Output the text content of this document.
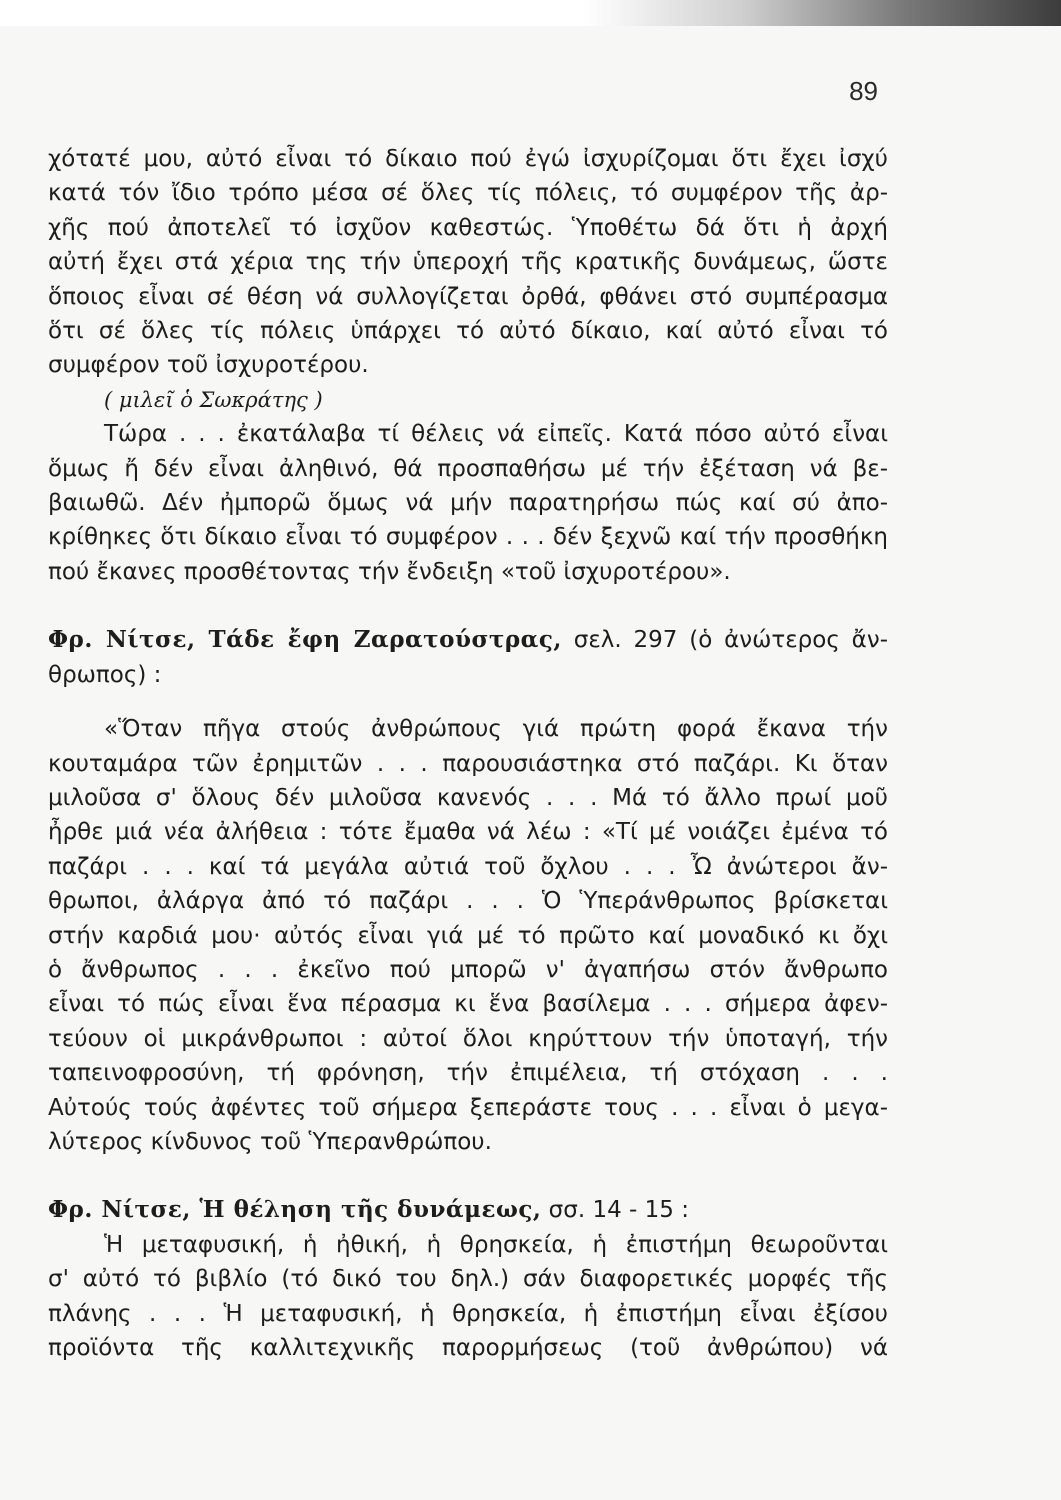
89
χότατέ μου, αὐτό εἶναι τό δίκαιο πού ἐγώ ἰσχυρίζομαι ὅτι ἔχει ἰσχύ
κατά τόν ἴδιο τρόπο μέσα σέ ὅλες τίς πόλεις, τό συμφέρον τῆς ἀρ-
χῆς πού ἀποτελεῖ τό ἰσχῦον καθεστώς. Ὑποθέτω δά ὅτι ἡ ἀρχή
αὐτή ἔχει στά χέρια της τήν ὑπεροχή τῆς κρατικῆς δυνάμεως, ὥστε
ὅποιος εἶναι σέ θέση νά συλλογίζεται ὀρθά, φθάνει στό συμπέρασμα
ὅτι σέ ὅλες τίς πόλεις ὑπάρχει τό αὐτό δίκαιο, καί αὐτό εἶναι τό
συμφέρον τοῦ ἰσχυροτέρου.
( μιλεῖ ὁ Σωκράτης )
Τώρα . . . ἐκατάλαβα τί θέλεις νά εἰπεῖς. Κατά πόσο αὐτό εἶναι
ὅμως ἤ δέν εἶναι ἀληθινό, θά προσπαθήσω μέ τήν ἐξέταση νά βε-
βαιωθῶ. Δέν ἠμπορῶ ὅμως νά μήν παρατηρήσω πώς καί σύ ἀπο-
κρίθηκες ὅτι δίκαιο εἶναι τό συμφέρον . . . δέν ξεχνῶ καί τήν προσθήκη
πού ἔκανες προσθέτοντας τήν ἔνδειξη «τοῦ ἰσχυροτέρου».
Φρ. Νίτσε, Τάδε ἔφη Ζαρατούστρας, σελ. 297 (ὁ ἀνώτερος ἄν-
θρωπος) :
«Ὅταν πῆγα στούς ἀνθρώπους γιά πρώτη φορά ἔκανα τήν
κουταμάρα τῶν ἐρημιτῶν . . . παρουσιάστηκα στό παζάρι. Κι ὅταν
μιλοῦσα σ' ὅλους δέν μιλοῦσα κανενός . . . Μά τό ἄλλο πρωί μοῦ
ἦρθε μιά νέα ἀλήθεια : τότε ἔμαθα νά λέω : «Τί μέ νοιάζει ἐμένα τό
παζάρι . . . καί τά μεγάλα αὐτιά τοῦ ὄχλου . . . Ὦ ἀνώτεροι ἄν-
θρωποι, ἀλάργα ἀπό τό παζάρι . . . Ὁ Ὑπεράνθρωπος βρίσκεται
στήν καρδιά μου· αὐτός εἶναι γιά μέ τό πρῶτο καί μοναδικό κι ὄχι
ὁ ἄνθρωπος . . . ἐκεῖνο πού μπορῶ ν' ἀγαπήσω στόν ἄνθρωπο
εἶναι τό πώς εἶναι ἕνα πέρασμα κι ἕνα βασίλεμα . . . σήμερα ἀφεν-
τεύουν οἱ μικράνθρωποι : αὐτοί ὅλοι κηρύττουν τήν ὑποταγή, τήν
ταπεινοφροσύνη, τή φρόνηση, τήν ἐπιμέλεια, τή στόχαση . . .
Αὐτούς τούς ἀφέντες τοῦ σήμερα ξεπεράστε τους . . . εἶναι ὁ μεγα-
λύτερος κίνδυνος τοῦ Ὑπερανθρώπου.
Φρ. Νίτσε, Ἡ θέληση τῆς δυνάμεως, σσ. 14 - 15 :
Ἡ μεταφυσική, ἡ ἠθική, ἡ θρησκεία, ἡ ἐπιστήμη θεωροῦνται
σ' αὐτό τό βιβλίο (τό δικό του δηλ.) σάν διαφορετικές μορφές τῆς
πλάνης . . . Ἡ μεταφυσική, ἡ θρησκεία, ἡ ἐπιστήμη εἶναι ἐξίσου
προϊόντα τῆς καλλιτεχνικῆς παρορμήσεως (τοῦ ἀνθρώπου) νά
